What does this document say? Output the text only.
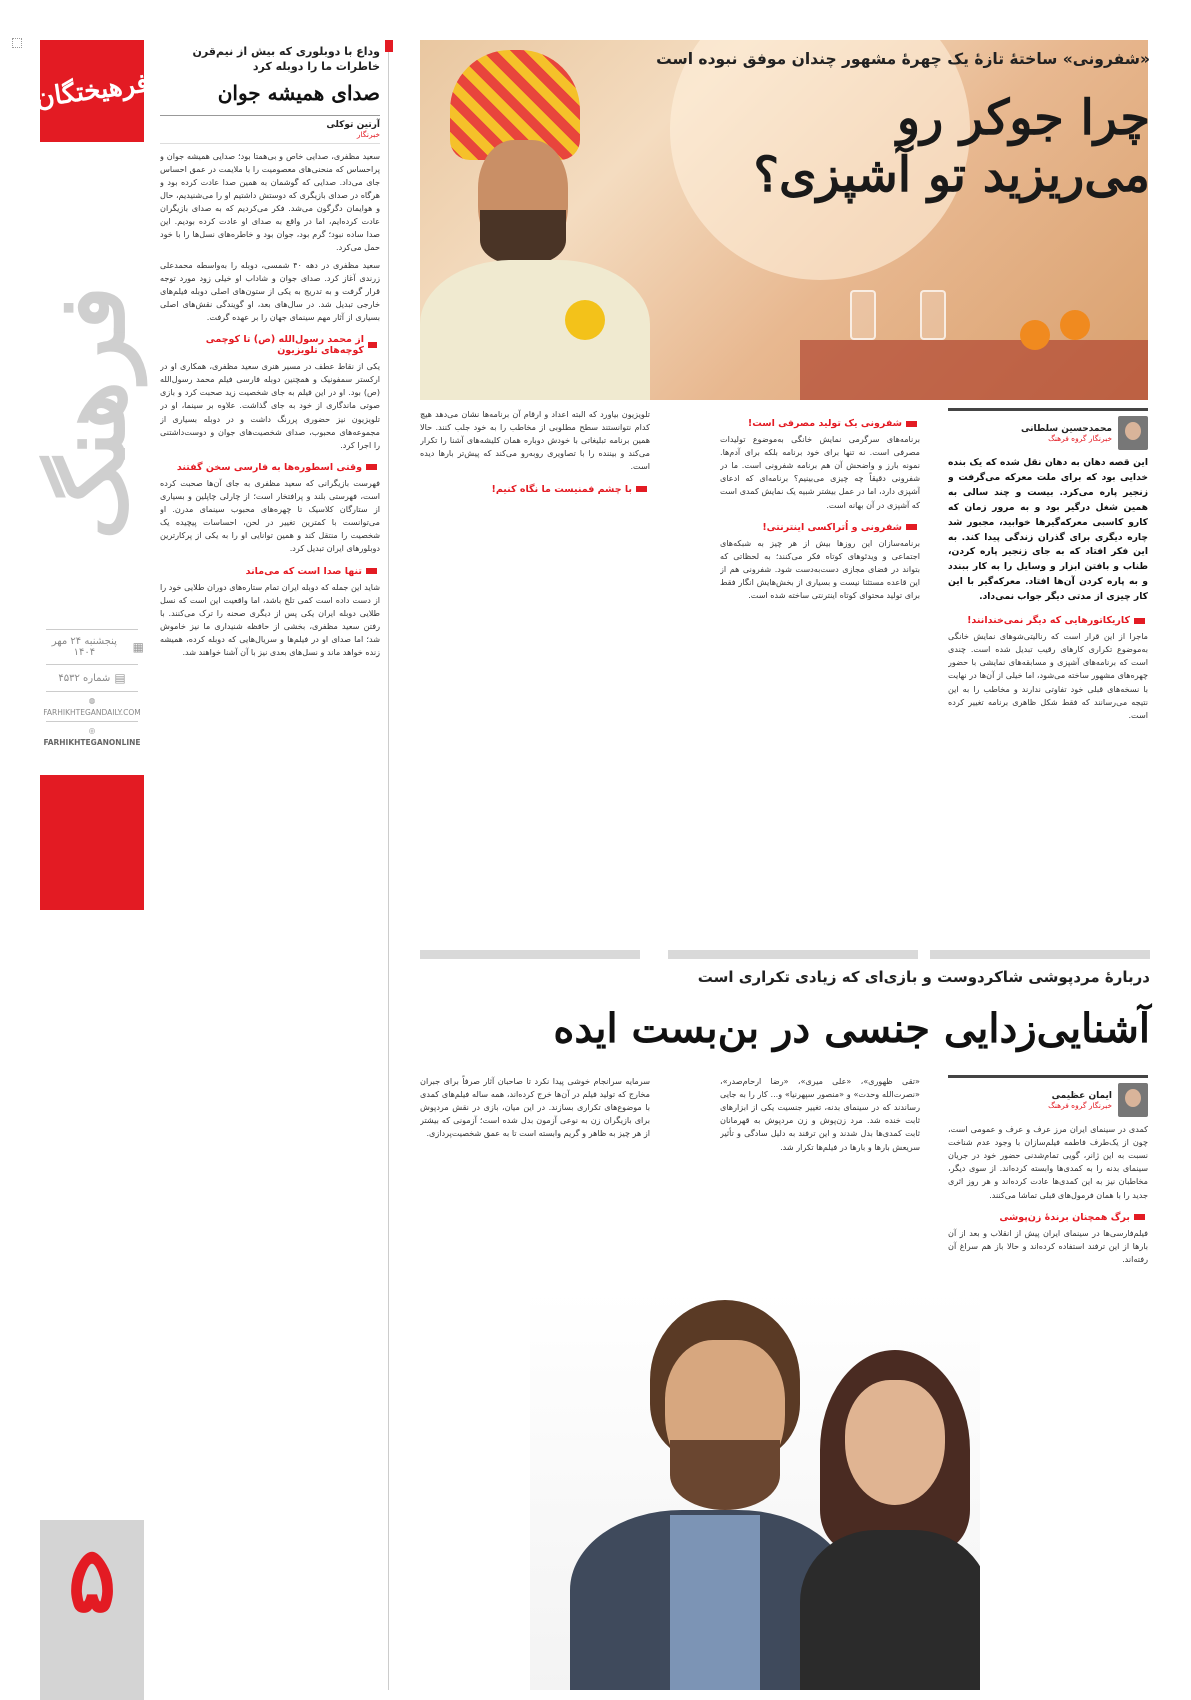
فرهیختگان
فرهنگ
▦
پنجشنبه ۲۴ مهر ۱۴۰۴
▤
شماره ۴۵۳۲
◍
FARHIKHTEGANDAILY.COM
◎
FARHIKHTEGANONLINE
۵
وداع با دوبلوری که بیش از نیم‌قرن خاطرات ما را دوبله کرد
صدای همیشه جوان
آرتین توکلی
خبرنگار

سعید مظفری، صدایی خاص و بی‌همتا بود؛ صدایی همیشه جوان و پراحساس که منحنی‌های معصومیت را با ملایمت در عمق احساس جای می‌داد. صدایی که گوشمان به همین صدا عادت کرده بود و هرگاه در صدای بازیگری که دوستش داشتیم او را می‌شنیدیم، حال و هوایمان دگرگون می‌شد. فکر می‌کردیم که به صدای بازیگران عادت کرده‌ایم، اما در واقع به صدای او عادت کرده بودیم. این صدا ساده نبود؛ گرم بود، جوان بود و خاطره‌های نسل‌ها را با خود حمل می‌کرد.

سعید مظفری در دهه ۴۰ شمسی، دوبله را به‌واسطه محمدعلی زرندی آغاز کرد. صدای جوان و شاداب او خیلی زود مورد توجه قرار گرفت و به تدریج به یکی از ستون‌های اصلی دوبله فیلم‌های خارجی تبدیل شد. در سال‌های بعد، او گویندگی نقش‌های اصلی بسیاری از آثار مهم سینمای جهان را بر عهده گرفت.

از محمد رسول‌الله (ص) تا کوچمی کوچه‌های تلویزیون

یکی از نقاط عطف در مسیر هنری سعید مظفری، همکاری او در ارکستر سمفونیک و همچنین دوبله فارسی فیلم محمد رسول‌الله (ص) بود. او در این فیلم به جای شخصیت زید صحبت کرد و بازی صوتی ماندگاری از خود به جای گذاشت. علاوه بر سینما، او در تلویزیون نیز حضوری پررنگ داشت و در دوبله بسیاری از مجموعه‌های محبوب، صدای شخصیت‌های جوان و دوست‌داشتنی را اجرا کرد.

وقتی اسطوره‌ها به فارسی سخن گفتند

فهرست بازیگرانی که سعید مظفری به جای آن‌ها صحبت کرده است، فهرستی بلند و پرافتخار است؛ از چارلی چاپلین و بسیاری از ستارگان کلاسیک تا چهره‌های محبوب سینمای مدرن. او می‌توانست با کمترین تغییر در لحن، احساسات پیچیده یک شخصیت را منتقل کند و همین توانایی او را به یکی از پرکارترین دوبلورهای ایران تبدیل کرد.

تنها صدا است که می‌ماند

شاید این جمله که دوبله ایران تمام ستاره‌های دوران طلایی خود را از دست داده است کمی تلخ باشد، اما واقعیت این است که نسل طلایی دوبله ایران یکی پس از دیگری صحنه را ترک می‌کنند. با رفتن سعید مظفری، بخشی از حافظه شنیداری ما نیز خاموش شد؛ اما صدای او در فیلم‌ها و سریال‌هایی که دوبله کرده، همیشه زنده خواهد ماند و نسل‌های بعدی نیز با آن آشنا خواهند شد.

«شفرونی» ساختهٔ تازهٔ یک چهرهٔ مشهور چندان موفق نبوده است
چرا جوکر رو
می‌ریزید تو آشپزی؟
محمدحسین سلطانی
خبرنگار گروه فرهنگ

این قصه دهان به دهان نقل شده که یک بنده خدایی بود که برای ملت معرکه می‌گرفت و زنجیر پاره می‌کرد. بیست و چند سالی به همین شغل درگیر بود و به مرور زمان که کارو کاسبی معرکه‌گیرها خوابید، مجبور شد چاره دیگری برای گذران زندگی پیدا کند. به این فکر افتاد که به جای زنجیر پاره کردن، طناب و بافتن ابزار و وسایل را به کار ببندد و به پاره کردن آن‌ها افتاد. معرکه‌گیر با این کار چیزی از مدتی دیگر جواب نمی‌داد.

کاریکاتورهایی که دیگر نمی‌خندانند!

ماجرا از این قرار است که رنالیتی‌شوهای نمایش خانگی به‌موضوع تکراری کارهای رقیب تبدیل شده است. چندی است که برنامه‌های آشپزی و مسابقه‌های نمایشی با حضور چهره‌های مشهور ساخته می‌شود، اما خیلی از آن‌ها در نهایت با نسخه‌های قبلی خود تفاوتی ندارند و مخاطب را به این نتیجه می‌رسانند که فقط شکل ظاهری برنامه تغییر کرده است.

شفرونی یک تولید مصرفی است!

برنامه‌های سرگرمی نمایش خانگی به‌موضوع تولیدات مصرفی است. نه تنها برای خود برنامه بلکه برای آدم‌ها. نمونه بارز و واضحش آن هم برنامه شفرونی است. ما در شفرونی دقیقاً چه چیزی می‌بینیم؟ برنامه‌ای که ادعای آشپزی دارد، اما در عمل بیشتر شبیه یک نمایش کمدی است که آشپزی در آن بهانه است.

شفرونی و اُتراکسی اینترنتی!

برنامه‌سازان این روزها بیش از هر چیز به شبکه‌های اجتماعی و ویدئوهای کوتاه فکر می‌کنند؛ به لحظاتی که بتواند در فضای مجازی دست‌به‌دست شود. شفرونی هم از این قاعده مستثنا نیست و بسیاری از بخش‌هایش انگار فقط برای تولید محتوای کوتاه اینترنتی ساخته شده است.

تلویزیون بیاورد که البته اعداد و ارقام آن برنامه‌ها نشان می‌دهد هیچ کدام نتوانستند سطح مطلوبی از مخاطب را به خود جلب کنند. حالا همین برنامه تبلیغاتی با خودش دوباره همان کلیشه‌های آشنا را تکرار می‌کند و بیننده را با تصاویری روبه‌رو می‌کند که پیش‌تر بارها دیده است.

با چشم فمنیست ما نگاه کنیم!
دربارهٔ مرد‌پوشی شاکردوست و بازی‌ای که زیادی تکراری است
آشنایی‌زدایی جنسی در بن‌بست ایده
ایمان عظیمی
خبرنگار گروه فرهنگ

کمدی در سینمای ایران مرز عرف و عرف و عمومی است، چون از یک‌طرف فاطمه فیلم‌سازان با وجود عدم شناخت نسبت به این ژانر، گویی تمام‌شدنی حضور خود در جریان سینمای بدنه را به کمدی‌ها وابسته کرده‌اند. از سوی دیگر، مخاطبان نیز به این کمدی‌ها عادت کرده‌اند و هر روز اثری جدید را با همان فرمول‌های قبلی تماشا می‌کنند.

برگ همچنان برندهٔ زن‌پوشی

فیلم‌فارسی‌ها در سینمای ایران پیش از انقلاب و بعد از آن بارها از این ترفند استفاده کرده‌اند و حالا باز هم سراغ آن رفته‌اند.

«تقی ظهوری»، «علی میری»، «رضا ارحام‌صدر»، «نصرت‌الله وحدت» و «منصور سپهرنیا» و... کار را به جایی رساندند که در سینمای بدنه، تغییر جنسیت یکی از ابزارهای ثابت خنده شد. مرد زن‌پوش و زن مردپوش به قهرمانان ثابت کمدی‌ها بدل شدند و این ترفند به دلیل سادگی و تأثیر سریعش بارها و بارها در فیلم‌ها تکرار شد.

سرمایه سرانجام خوشی پیدا نکرد تا صاحبان آثار صرفاً برای جبران مخارج که تولید فیلم در آن‌ها خرج کرده‌اند، همه ساله فیلم‌های کمدی با موضوع‌های تکراری بسازند. در این میان، بازی در نقش مردپوش برای بازیگران زن به نوعی آزمون بدل شده است؛ آزمونی که بیشتر از هر چیز به ظاهر و گریم وابسته است تا به عمق شخصیت‌پردازی.
